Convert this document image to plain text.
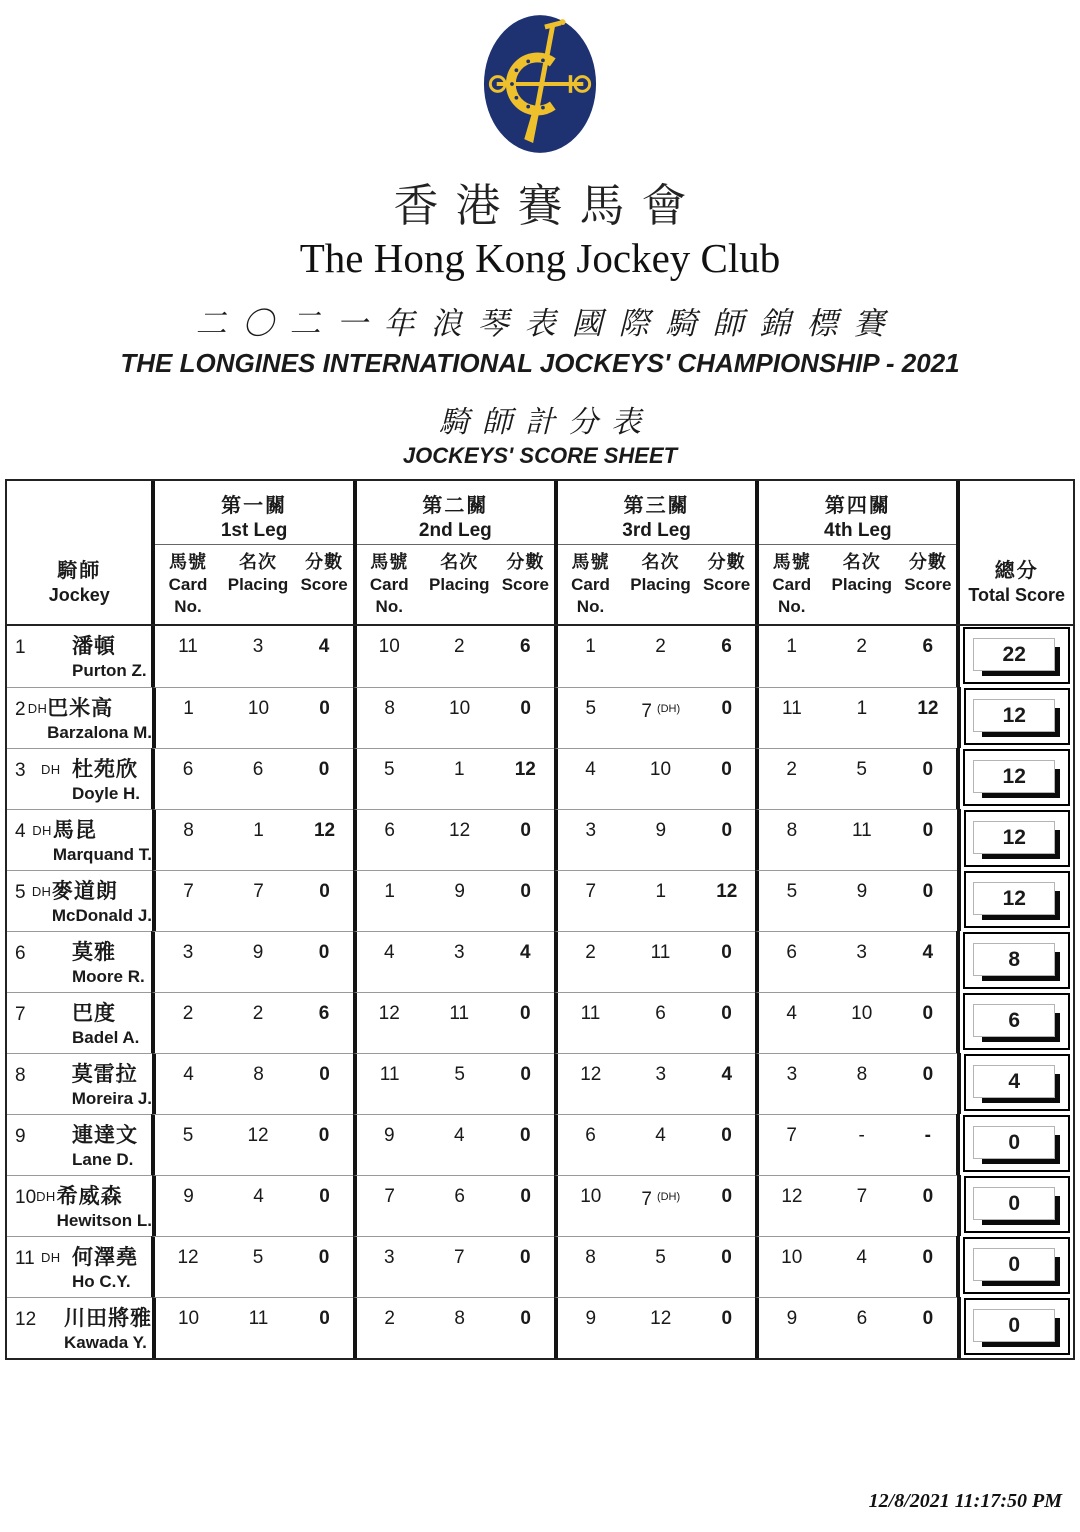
香港賽馬會
The Hong Kong Jockey Club
二〇二一年浪琴表國際騎師錦標賽
THE LONGINES INTERNATIONAL JOCKEYS' CHAMPIONSHIP - 2021
騎師計分表
JOCKEYS' SCORE SHEET
騎師
Jockey
第一關
1st Leg
馬號
Card No.
名次
Placing
分數
Score
第二關
2nd Leg
馬號
Card No.
名次
Placing
分數
Score
第三關
3rd Leg
馬號
Card No.
名次
Placing
分數
Score
第四關
4th Leg
馬號
Card No.
名次
Placing
分數
Score
總分
Total Score
1	潘頓
Purton Z.
11	3	4	10	2	6	1	2	6	1	2	6	22
2 DH 巴米高
Barzalona M.
1	10	0	8	10	0	5	7 $^{(DH)}$	0	11	1	12	12
3	DH 杜苑欣
Doyle H.
6	6	0	5	1	12	4	10	0	2	5	0	12
4 DH 馬昆
Marquand T.
8	1	12	6	12	0	3	9	0	8	11	0	12
5 DH 麥道朗
McDonald J.
7	7	0	1	9	0	7	1	12	5	9	0	12
6	莫雅
Moore R.
3	9	0	4	3	4	2	11	0	6	3	4	8
7	巴度
Badel A.
2	2	6	12	11	0	11	6	0	4	10	0	6
8	莫雷拉
Moreira J.
4	8	0	11	5	0	12	3	4	3	8	0	4
9	連達文
Lane D.
5	12	0	9	4	0	6	4	0	7	-	-	0
10 DH 希威森
Hewitson L.
9	4	0	7	6	0	10	7 $^{(DH)}$	0	12	7	0	0
11 DH 何澤堯
Ho C.Y.
12	5	0	3	7	0	8	5	0	10	4	0	0
12 川田將雅
Kawada Y.
10	11	0	2	8	0	9	12	0	9	6	0	0
12/8/2021 11:17:50 PM
